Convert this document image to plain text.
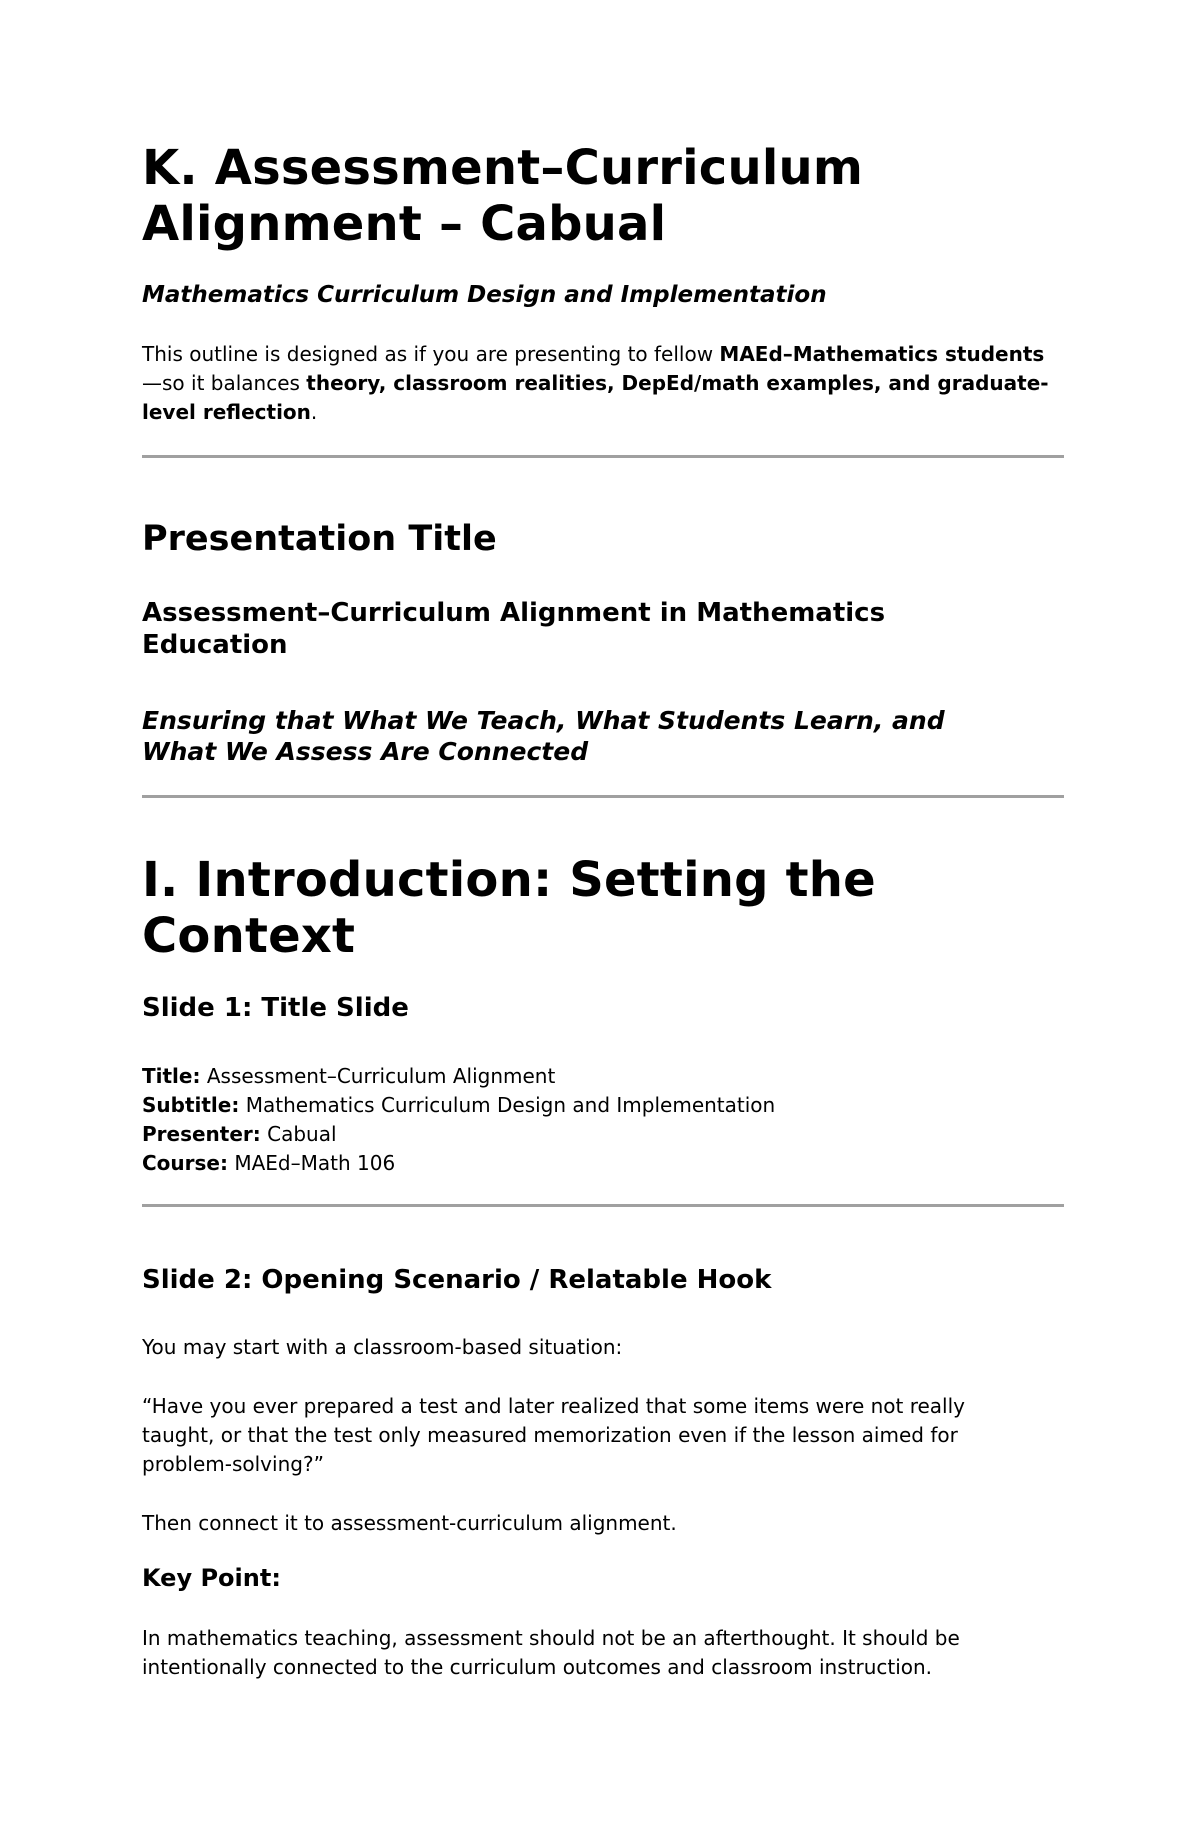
K. Assessment–Curriculum Alignment – Cabual
Mathematics Curriculum Design and Implementation

This outline is designed as if you are presenting to fellow MAEd–Mathematics students—so it balances theory, classroom realities, DepEd/math examples, and graduate-level reflection.

Presentation Title
Assessment–Curriculum Alignment in Mathematics Education
Ensuring that What We Teach, What Students Learn, and What We Assess Are Connected
I. Introduction: Setting the Context
Slide 1: Title Slide
Title: Assessment–Curriculum Alignment
Subtitle: Mathematics Curriculum Design and Implementation
Presenter: Cabual
Course: MAEd–Math 106
Slide 2: Opening Scenario / Relatable Hook

You may start with a classroom-based situation:

“Have you ever prepared a test and later realized that some items were not really taught, or that the test only measured memorization even if the lesson aimed for problem-solving?”

Then connect it to assessment-curriculum alignment.

Key Point:

In mathematics teaching, assessment should not be an afterthought. It should be intentionally connected to the curriculum outcomes and classroom instruction.
